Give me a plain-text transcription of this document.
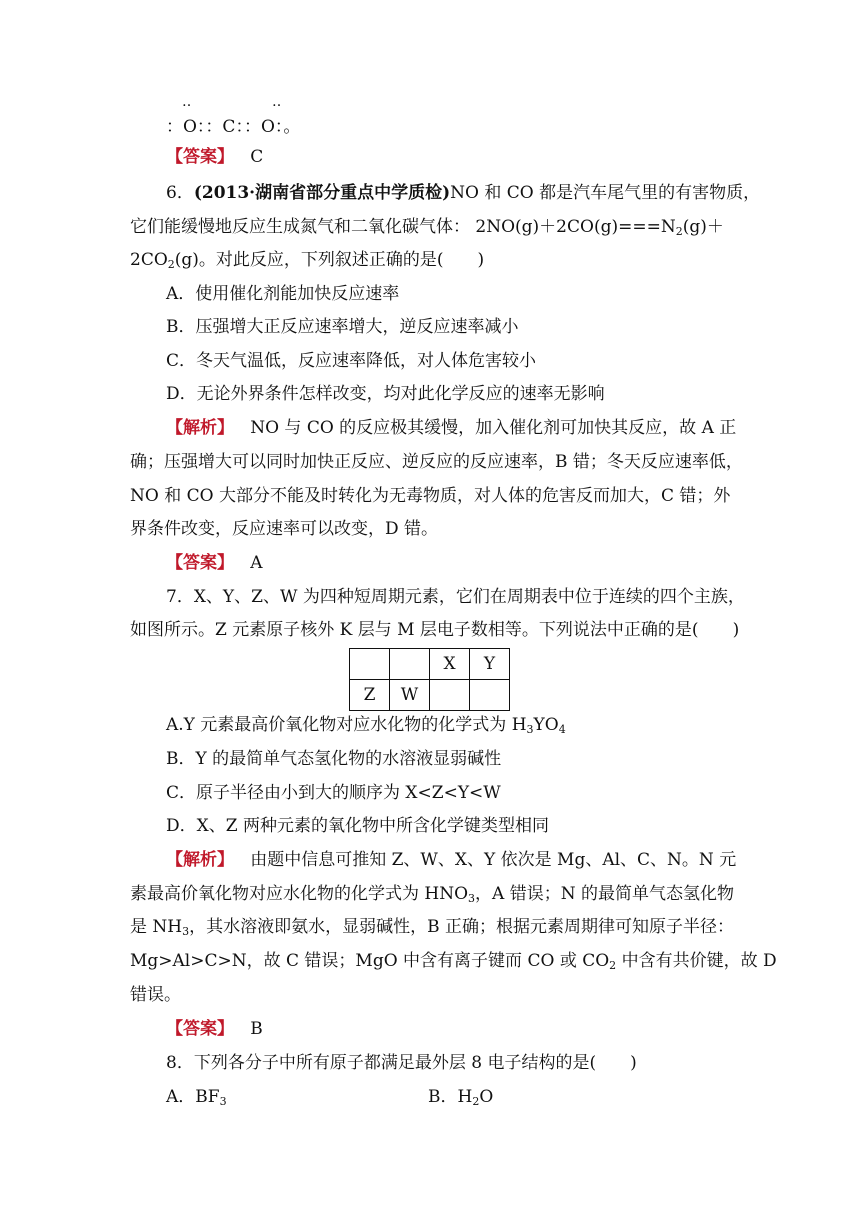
‥	‥
：O：：C：：O：。
【答案】 C
6．(2013·湖南省部分重点中学质检)NO 和 CO 都是汽车尾气里的有害物质，
它们能缓慢地反应生成氮气和二氧化碳气体： $2NO(g)+2CO(g)===N_2(g)+$
$2CO_2(g)$。对此反应，下列叙述正确的是(　　)
A．使用催化剂能加快反应速率
B．压强增大正反应速率增大，逆反应速率减小
C．冬天气温低，反应速率降低，对人体危害较小
D．无论外界条件怎样改变，均对此化学反应的速率无影响
【解析】 NO 与 CO 的反应极其缓慢，加入催化剂可加快其反应，故 A 正
确；压强增大可以同时加快正反应、逆反应的反应速率，B 错；冬天反应速率低，
NO 和 CO 大部分不能及时转化为无毒物质，对人体的危害反而加大，C 错；外
界条件改变，反应速率可以改变，D 错。
【答案】 A
7．X、Y、Z、W 为四种短周期元素，它们在周期表中位于连续的四个主族，
如图所示。Z 元素原子核外 K 层与 M 层电子数相等。下列说法中正确的是(　　)
		X	Y
Z	W		
A.Y 元素最高价氧化物对应水化物的化学式为 $H_3YO_4$
B．Y 的最简单气态氢化物的水溶液显弱碱性
C．原子半径由小到大的顺序为 X<Z<Y<W
D．X、Z 两种元素的氧化物中所含化学键类型相同
【解析】 由题中信息可推知 Z、W、X、Y 依次是 Mg、Al、C、N。N 元
素最高价氧化物对应水化物的化学式为 $HNO_3$，A 错误；N 的最简单气态氢化物
是 $NH_3$，其水溶液即氨水，显弱碱性，B 正确；根据元素周期律可知原子半径：
Mg>Al>C>N，故 C 错误；MgO 中含有离子键而 CO 或 $CO_2$ 中含有共价键，故 D
错误。
【答案】 B
8．下列各分子中所有原子都满足最外层 8 电子结构的是(　　)
A．$BF_3$	B．$H_2O$
